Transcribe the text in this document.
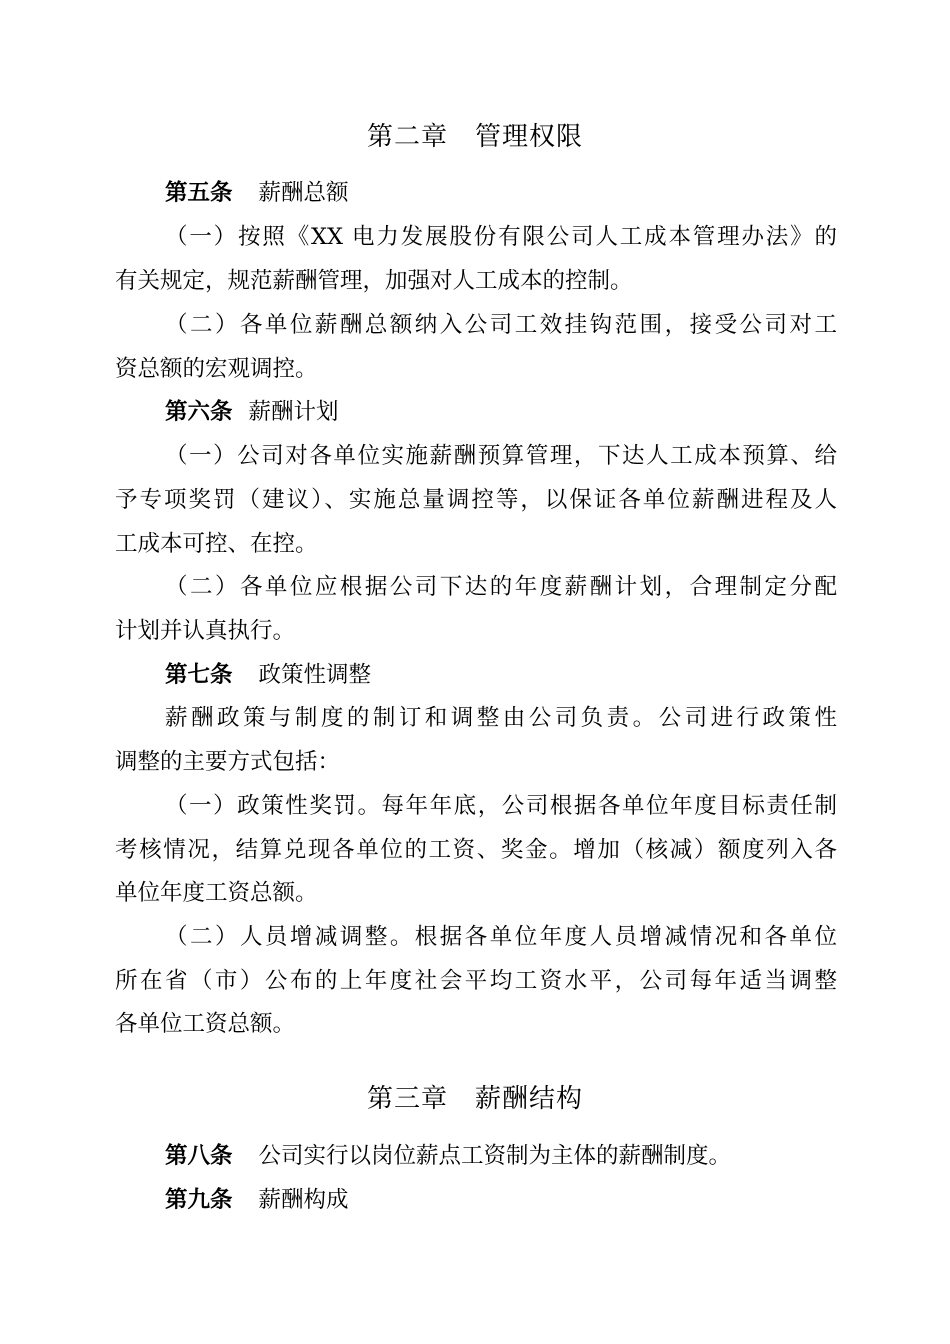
第二章　管理权限
第五条 薪酬总额
（一）按照《XX 电力发展股份有限公司人工成本管理办法》的
有关规定，规范薪酬管理，加强对人工成本的控制。
（二）各单位薪酬总额纳入公司工效挂钩范围，接受公司对工
资总额的宏观调控。
第六条 薪酬计划
（一）公司对各单位实施薪酬预算管理，下达人工成本预算、给
予专项奖罚（建议）、实施总量调控等，以保证各单位薪酬进程及人
工成本可控、在控。
（二）各单位应根据公司下达的年度薪酬计划，合理制定分配
计划并认真执行。
第七条 政策性调整
薪酬政策与制度的制订和调整由公司负责。公司进行政策性
调整的主要方式包括：
（一）政策性奖罚。每年年底，公司根据各单位年度目标责任制
考核情况，结算兑现各单位的工资、奖金。增加（核减）额度列入各
单位年度工资总额。
（二）人员增减调整。根据各单位年度人员增减情况和各单位
所在省（市）公布的上年度社会平均工资水平，公司每年适当调整
各单位工资总额。
第三章　薪酬结构
第八条 公司实行以岗位薪点工资制为主体的薪酬制度。
第九条 薪酬构成
